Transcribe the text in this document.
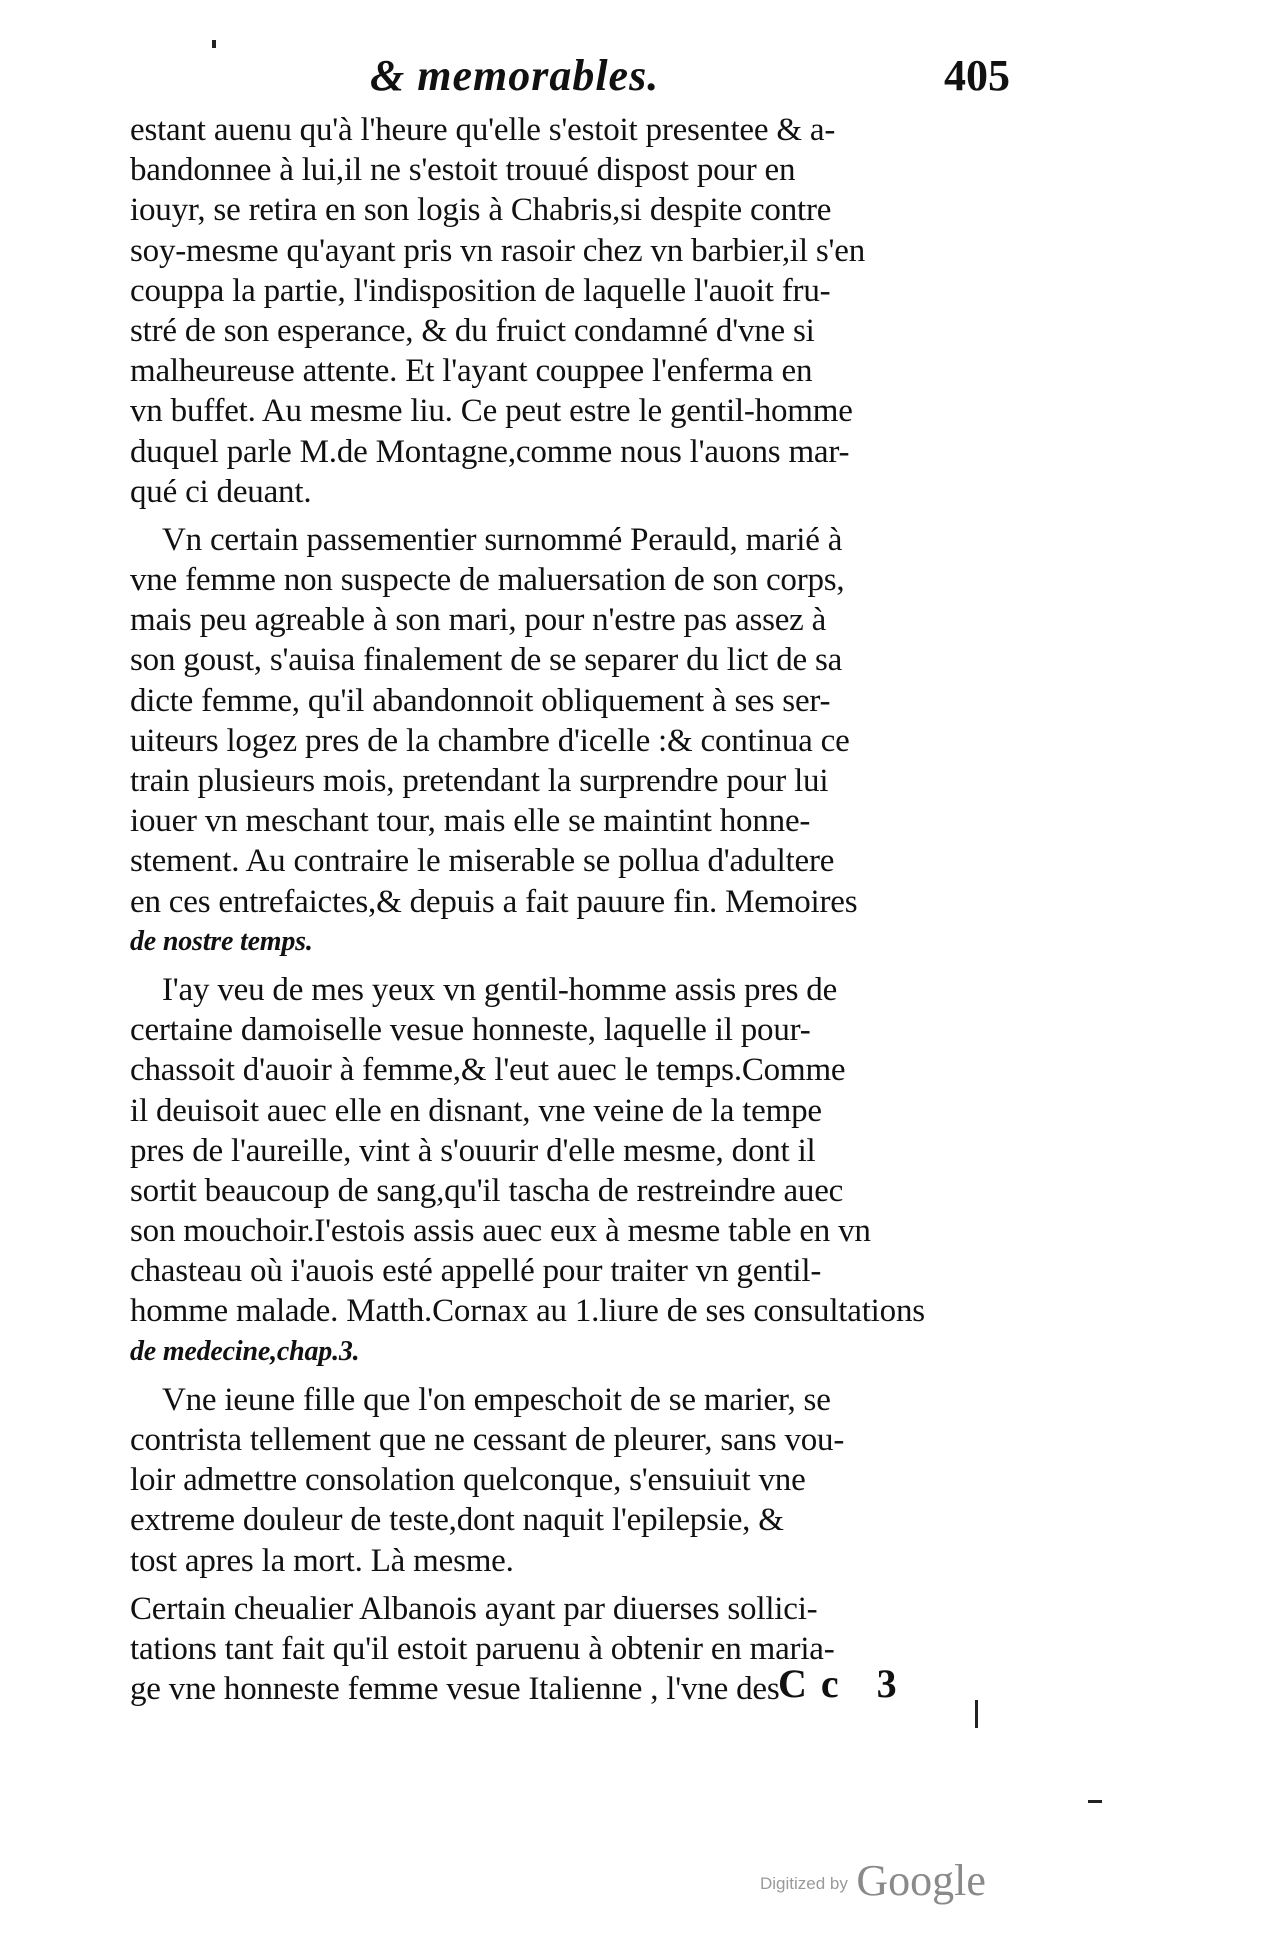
& memorables.	405
estant auenu qu'à l'heure qu'elle s'estoit presentee & a-
bandonnee à lui,il ne s'estoit trouué dispost pour en
iouyr, se retira en son logis à Chabris,si despite contre
soy-mesme qu'ayant pris vn rasoir chez vn barbier,il s'en
couppa la partie, l'indisposition de laquelle l'auoit fru-
stré de son esperance, & du fruict condamné d'vne si
malheureuse attente. Et l'ayant couppee l'enferma en
vn buffet. Au mesme liu. Ce peut estre le gentil-homme
duquel parle M.de Montagne,comme nous l'auons mar-
qué ci deuant.
Vn certain passementier surnommé Perauld, marié à
vne femme non suspecte de maluersation de son corps,
mais peu agreable à son mari, pour n'estre pas assez à
son goust, s'auisa finalement de se separer du lict de sa
dicte femme, qu'il abandonnoit obliquement à ses ser-
uiteurs logez pres de la chambre d'icelle :& continua ce
train plusieurs mois, pretendant la surprendre pour lui
iouer vn meschant tour, mais elle se maintint honne-
stement. Au contraire le miserable se pollua d'adultere
en ces entrefaictes,& depuis a fait pauure fin. Memoires
de nostre temps.
I'ay veu de mes yeux vn gentil-homme assis pres de
certaine damoiselle vesue honneste, laquelle il pour-
chassoit d'auoir à femme,& l'eut auec le temps.Comme
il deuisoit auec elle en disnant, vne veine de la tempe
pres de l'aureille, vint à s'ouurir d'elle mesme, dont il
sortit beaucoup de sang,qu'il tascha de restreindre auec
son mouchoir.I'estois assis auec eux à mesme table en vn
chasteau où i'auois esté appellé pour traiter vn gentil-
homme malade. Matth.Cornax au 1.liure de ses consultations
de medecine,chap.3.
Vne ieune fille que l'on empeschoit de se marier, se
contrista tellement que ne cessant de pleurer, sans vou-
loir admettre consolation quelconque, s'ensuiuit vne
extreme douleur de teste,dont naquit l'epilepsie, &
tost apres la mort. Là mesme.
Certain cheualier Albanois ayant par diuerses sollici-
tations tant fait qu'il estoit paruenu à obtenir en maria-
ge vne honneste femme vesue Italienne , l'vne des
Cc 3
Digitized by Google
